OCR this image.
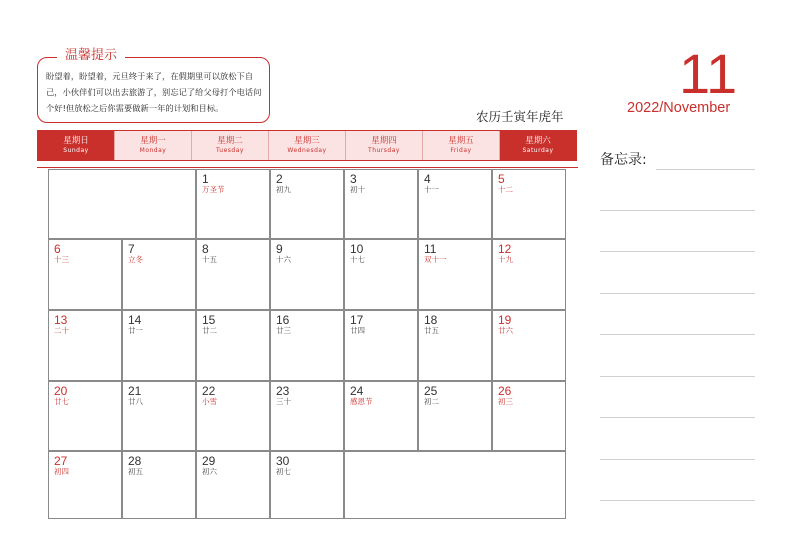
温馨提示
盼望着，盼望着，元旦终于来了，在假期里可以放松下自己，小伙伴们可以出去旅游了，别忘记了给父母打个电话问个好!但放松之后你需要做新一年的计划和目标。
农历壬寅年虎年
11
2022/November
星期日
Sunday
星期一
Monday
星期二
Tuesday
星期三
Wednesday
星期四
Thursday
星期五
Friday
星期六
Saturday
1
万圣节
2
初九
3
初十
4
十一
5
十二
6
十三
7
立冬
8
十五
9
十六
10
十七
11
双十一
12
十九
13
二十
14
廿一
15
廿二
16
廿三
17
廿四
18
廿五
19
廿六
20
廿七
21
廿八
22
小雪
23
三十
24
感恩节
25
初二
26
初三
27
初四
28
初五
29
初六
30
初七
备忘录:
